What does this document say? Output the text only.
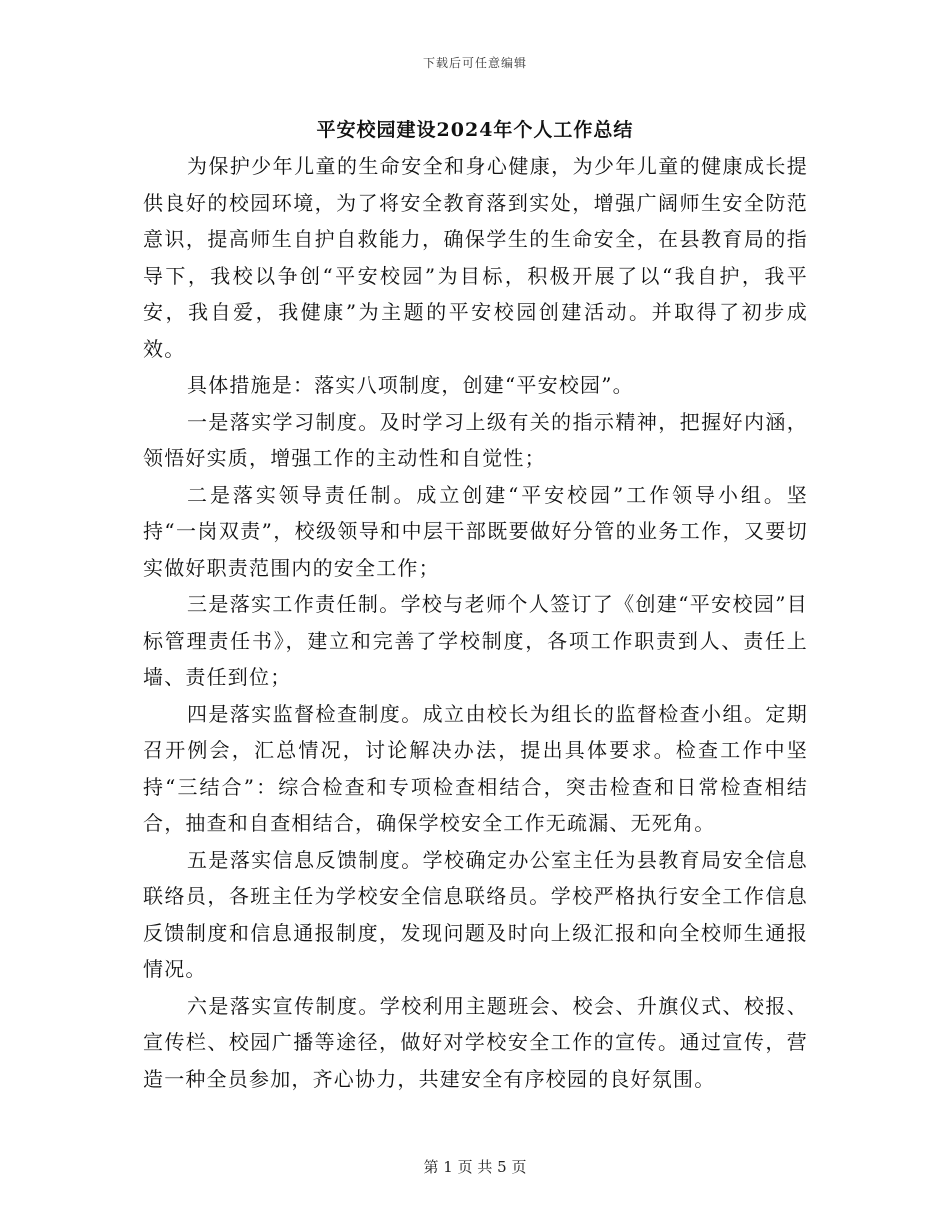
下载后可任意编辑
平安校园建设2024年个人工作总结

为保护少年儿童的生命安全和身心健康，为少年儿童的健康成长提供良好的校园环境，为了将安全教育落到实处，增强广阔师生安全防范意识，提高师生自护自救能力，确保学生的生命安全，在县教育局的指导下，我校以争创“平安校园”为目标，积极开展了以“我自护，我平安，我自爱，我健康”为主题的平安校园创建活动。并取得了初步成效。

具体措施是：落实八项制度，创建“平安校园”。

一是落实学习制度。及时学习上级有关的指示精神，把握好内涵，领悟好实质，增强工作的主动性和自觉性；

二是落实领导责任制。成立创建“平安校园”工作领导小组。坚持“一岗双责”，校级领导和中层干部既要做好分管的业务工作，又要切实做好职责范围内的安全工作；

三是落实工作责任制。学校与老师个人签订了《创建“平安校园”目标管理责任书》，建立和完善了学校制度，各项工作职责到人、责任上墙、责任到位；

四是落实监督检查制度。成立由校长为组长的监督检查小组。定期召开例会，汇总情况，讨论解决办法，提出具体要求。检查工作中坚持“三结合”：综合检查和专项检查相结合，突击检查和日常检查相结合，抽查和自查相结合，确保学校安全工作无疏漏、无死角。

五是落实信息反馈制度。学校确定办公室主任为县教育局安全信息联络员，各班主任为学校安全信息联络员。学校严格执行安全工作信息反馈制度和信息通报制度，发现问题及时向上级汇报和向全校师生通报情况。

六是落实宣传制度。学校利用主题班会、校会、升旗仪式、校报、宣传栏、校园广播等途径，做好对学校安全工作的宣传。通过宣传，营造一种全员参加，齐心协力，共建安全有序校园的良好氛围。

第 1 页 共 5 页
